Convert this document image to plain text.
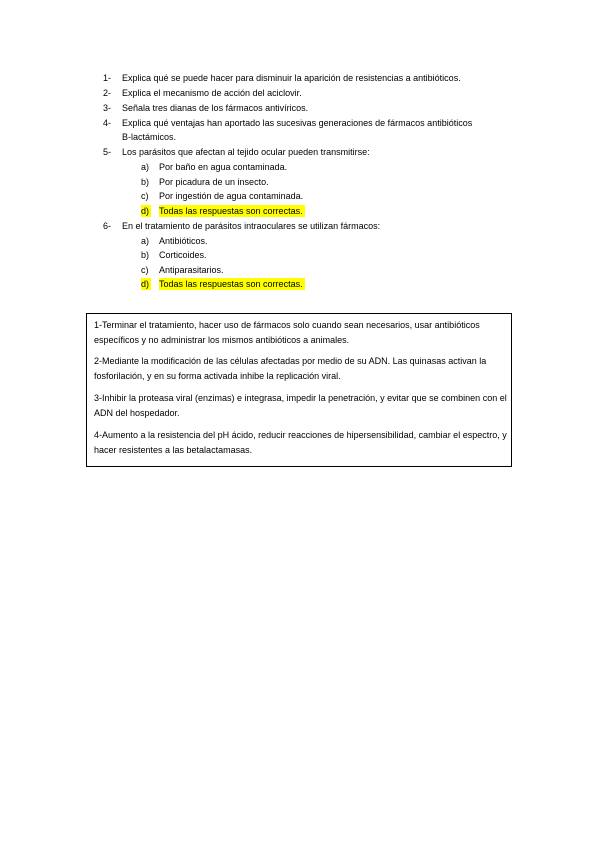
1- Explica qué se puede hacer para disminuir la aparición de resistencias a antibióticos.
2- Explica el mecanismo de acción del aciclovir.
3- Señala tres dianas de los fármacos antivíricos.
4- Explica qué ventajas han aportado las sucesivas generaciones de fármacos antibióticos
B-lactámicos.
5- Los parásitos que afectan al tejido ocular pueden transmitirse:
a) Por baño en agua contaminada.
b) Por picadura de un insecto.
c) Por ingestión de agua contaminada.
d) Todas las respuestas son correctas.
6- En el tratamiento de parásitos intraoculares se utilizan fármacos:
a) Antibióticos.
b) Corticoides.
c) Antiparasitarios.
d) Todas las respuestas son correctas.
1-Terminar el tratamiento, hacer uso de fármacos solo cuando sean necesarios, usar antibióticos específicos y no administrar los mismos antibióticos a animales.
2-Mediante la modificación de las células afectadas por medio de su ADN. Las quinasas activan la fosforilación, y en su forma activada inhibe la replicación viral.
3-Inhibir la proteasa viral (enzimas) e integrasa, impedir la penetración, y evitar que se combinen con el ADN del hospedador.
4-Aumento a la resistencia del pH ácido, reducir reacciones de hipersensibilidad, cambiar el espectro, y hacer resistentes a las betalactamasas.
